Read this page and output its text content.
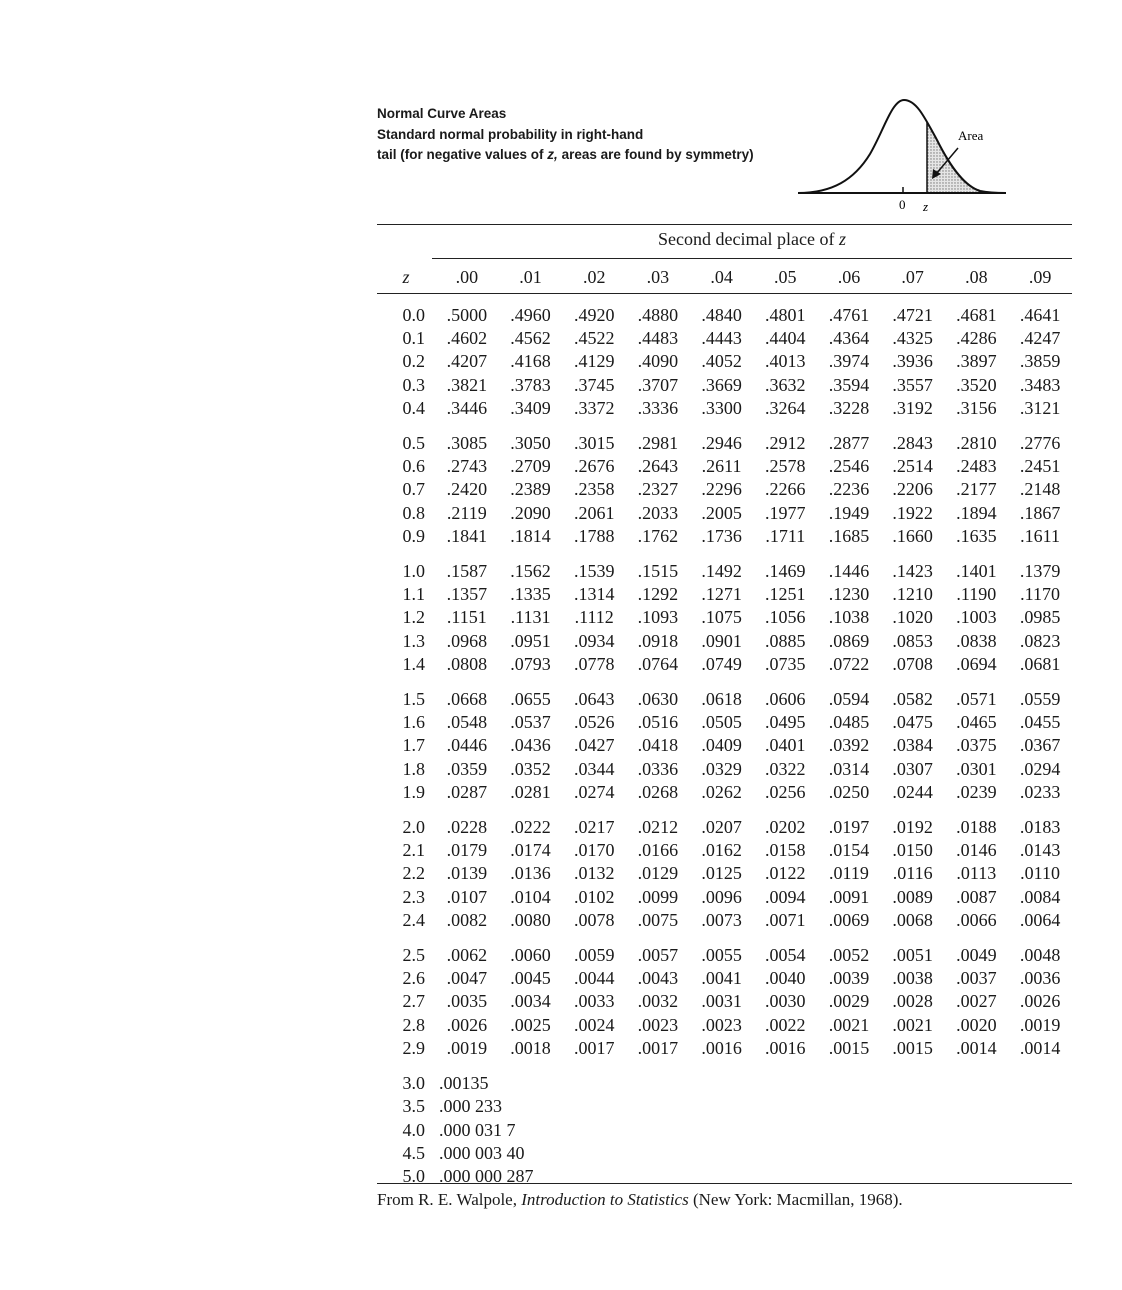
Normal Curve Areas
Standard normal probability in right-hand
tail (for negative values of z, areas are found by symmetry)
Area
0 z
Second decimal place of z
z	.00	.01	.02	.03	.04	.05	.06	.07	.08	.09

0.0	.5000	.4960	.4920	.4880	.4840	.4801	.4761	.4721	.4681	.4641
0.1	.4602	.4562	.4522	.4483	.4443	.4404	.4364	.4325	.4286	.4247
0.2	.4207	.4168	.4129	.4090	.4052	.4013	.3974	.3936	.3897	.3859
0.3	.3821	.3783	.3745	.3707	.3669	.3632	.3594	.3557	.3520	.3483
0.4	.3446	.3409	.3372	.3336	.3300	.3264	.3228	.3192	.3156	.3121

0.5	.3085	.3050	.3015	.2981	.2946	.2912	.2877	.2843	.2810	.2776
0.6	.2743	.2709	.2676	.2643	.2611	.2578	.2546	.2514	.2483	.2451
0.7	.2420	.2389	.2358	.2327	.2296	.2266	.2236	.2206	.2177	.2148
0.8	.2119	.2090	.2061	.2033	.2005	.1977	.1949	.1922	.1894	.1867
0.9	.1841	.1814	.1788	.1762	.1736	.1711	.1685	.1660	.1635	.1611

1.0	.1587	.1562	.1539	.1515	.1492	.1469	.1446	.1423	.1401	.1379
1.1	.1357	.1335	.1314	.1292	.1271	.1251	.1230	.1210	.1190	.1170
1.2	.1151	.1131	.1112	.1093	.1075	.1056	.1038	.1020	.1003	.0985
1.3	.0968	.0951	.0934	.0918	.0901	.0885	.0869	.0853	.0838	.0823
1.4	.0808	.0793	.0778	.0764	.0749	.0735	.0722	.0708	.0694	.0681

1.5	.0668	.0655	.0643	.0630	.0618	.0606	.0594	.0582	.0571	.0559
1.6	.0548	.0537	.0526	.0516	.0505	.0495	.0485	.0475	.0465	.0455
1.7	.0446	.0436	.0427	.0418	.0409	.0401	.0392	.0384	.0375	.0367
1.8	.0359	.0352	.0344	.0336	.0329	.0322	.0314	.0307	.0301	.0294
1.9	.0287	.0281	.0274	.0268	.0262	.0256	.0250	.0244	.0239	.0233

2.0	.0228	.0222	.0217	.0212	.0207	.0202	.0197	.0192	.0188	.0183
2.1	.0179	.0174	.0170	.0166	.0162	.0158	.0154	.0150	.0146	.0143
2.2	.0139	.0136	.0132	.0129	.0125	.0122	.0119	.0116	.0113	.0110
2.3	.0107	.0104	.0102	.0099	.0096	.0094	.0091	.0089	.0087	.0084
2.4	.0082	.0080	.0078	.0075	.0073	.0071	.0069	.0068	.0066	.0064

2.5	.0062	.0060	.0059	.0057	.0055	.0054	.0052	.0051	.0049	.0048
2.6	.0047	.0045	.0044	.0043	.0041	.0040	.0039	.0038	.0037	.0036
2.7	.0035	.0034	.0033	.0032	.0031	.0030	.0029	.0028	.0027	.0026
2.8	.0026	.0025	.0024	.0023	.0023	.0022	.0021	.0021	.0020	.0019
2.9	.0019	.0018	.0017	.0017	.0016	.0016	.0015	.0015	.0014	.0014

3.0	.00135									
3.5	.000 233									
4.0	.000 031 7									
4.5	.000 003 40									
5.0	.000 000 287									
From R. E. Walpole, Introduction to Statistics (New York: Macmillan, 1968).
